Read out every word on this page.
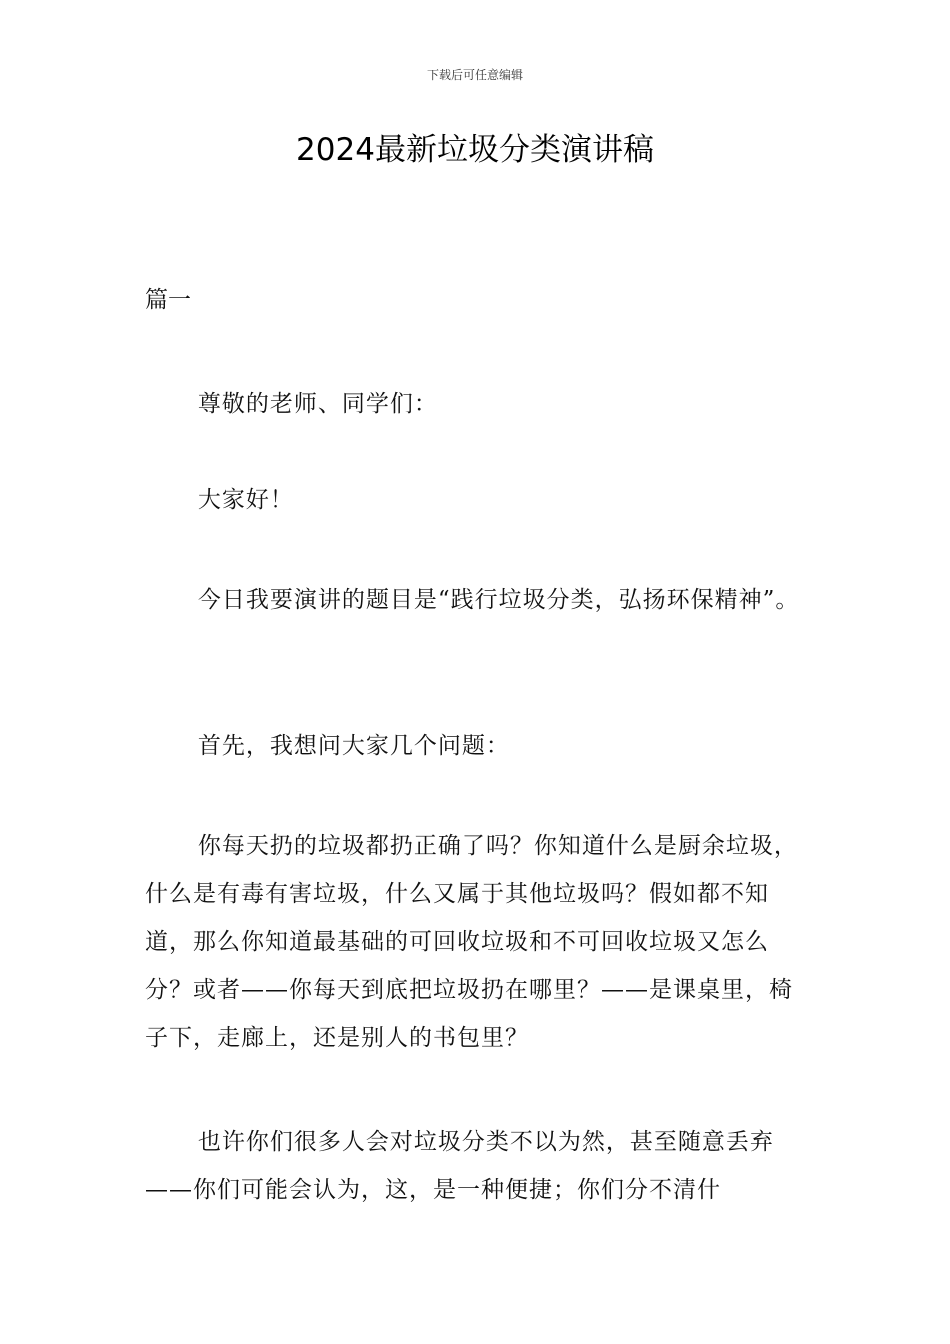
下载后可任意编辑
2024最新垃圾分类演讲稿
篇一

尊敬的老师、同学们：

大家好！

今日我要演讲的题目是“践行垃圾分类，弘扬环保精神”。

首先，我想问大家几个问题：

你每天扔的垃圾都扔正确了吗？你知道什么是厨余垃圾，什么是有毒有害垃圾，什么又属于其他垃圾吗？假如都不知道，那么你知道最基础的可回收垃圾和不可回收垃圾又怎么分？或者——你每天到底把垃圾扔在哪里？——是课桌里，椅子下，走廊上，还是别人的书包里？

也许你们很多人会对垃圾分类不以为然，甚至随意丢弃——你们可能会认为，这，是一种便捷；你们分不清什
